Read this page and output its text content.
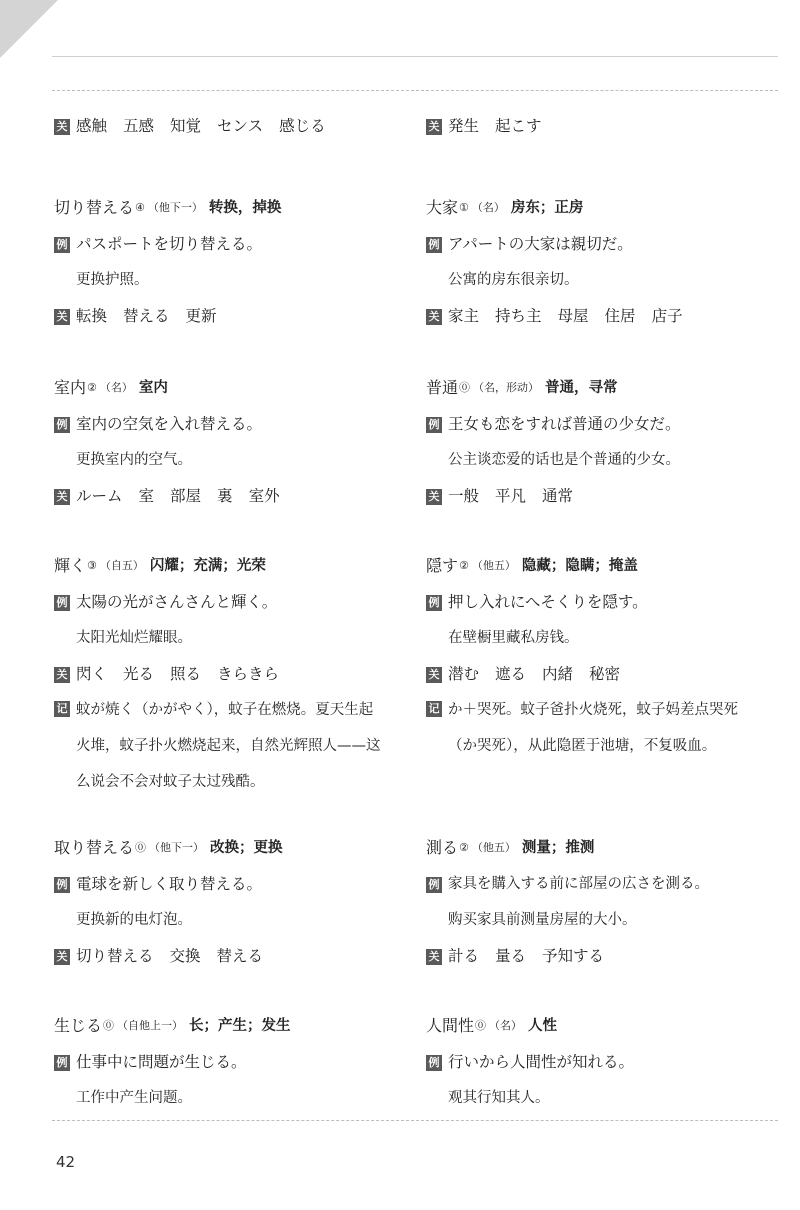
关 感触 五感 知覚 センス 感じる
切り替える ④ （他下一） 转换，掉换
例 パスポートを切り替える。
更换护照。
关 転換 替える 更新
室内 ② （名） 室内
例 室内の空気を入れ替える。
更换室内的空气。
关 ルーム 室 部屋 裏 室外
輝く ③ （自五） 闪耀；充满；光荣
例 太陽の光がさんさんと輝く。
太阳光灿烂耀眼。
关 閃く 光る 照る きらきら
记 蚊が焼く（かがやく），蚊子在燃烧。夏天生起火堆，蚊子扑火燃烧起来，自然光辉照人——这么说会不会对蚊子太过残酷。
取り替える ⓪ （他下一） 改换；更换
例 電球を新しく取り替える。
更换新的电灯泡。
关 切り替える 交換 替える
生じる ⓪ （自他上一） 长；产生；发生
例 仕事中に問題が生じる。
工作中产生问题。
关 発生 起こす
大家 ① （名） 房东；正房
例 アパートの大家は親切だ。
公寓的房东很亲切。
关 家主 持ち主 母屋 住居 店子
普通 ⓪ （名，形动） 普通，寻常
例 王女も恋をすれば普通の少女だ。
公主谈恋爱的话也是个普通的少女。
关 一般 平凡 通常
隠す ② （他五） 隐藏；隐瞒；掩盖
例 押し入れにへそくりを隠す。
在壁橱里藏私房钱。
关 潜む 遮る 内緒 秘密
记 か＋哭死。蚊子爸扑火烧死，蚊子妈差点哭死（か哭死），从此隐匿于池塘，不复吸血。
測る ② （他五） 测量；推测
例 家具を購入する前に部屋の広さを測る。
购买家具前测量房屋的大小。
关 計る 量る 予知する
人間性 ⓪ （名） 人性
例 行いから人間性が知れる。
观其行知其人。
42
